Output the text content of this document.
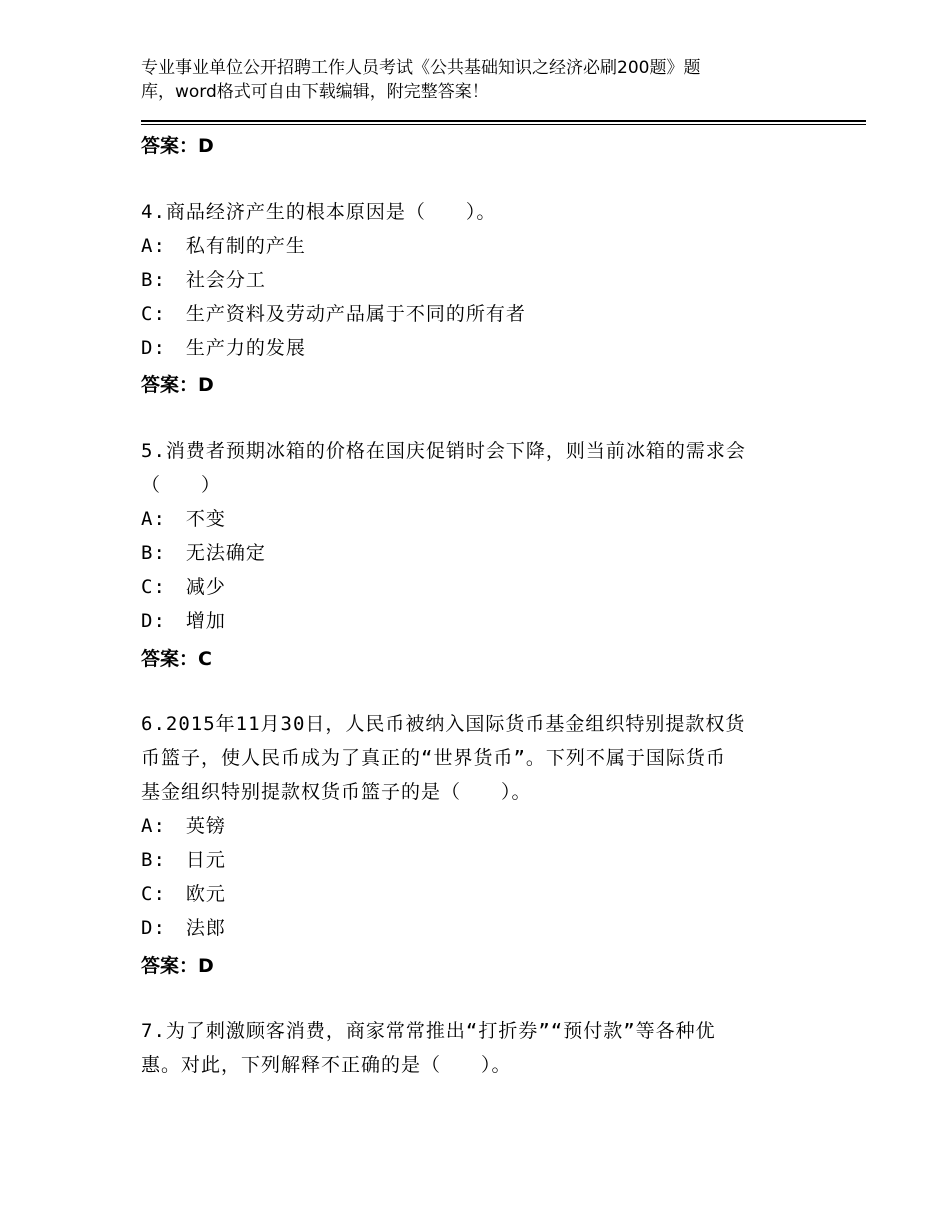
专业事业单位公开招聘工作人员考试《公共基础知识之经济必刷200题》题
库，word格式可自由下载编辑，附完整答案！
答案：D
4.商品经济产生的根本原因是（　　）。
A:　私有制的产生
B:　社会分工
C:　生产资料及劳动产品属于不同的所有者
D:　生产力的发展
答案：D
5.消费者预期冰箱的价格在国庆促销时会下降，则当前冰箱的需求会
（　　）
A:　不变
B:　无法确定
C:　减少
D:　增加
答案：C
6.2015年11月30日，人民币被纳入国际货币基金组织特别提款权货
币篮子，使人民币成为了真正的“世界货币”。下列不属于国际货币
基金组织特别提款权货币篮子的是（　　）。
A:　英镑
B:　日元
C:　欧元
D:　法郎
答案：D
7.为了刺激顾客消费，商家常常推出“打折券”“预付款”等各种优
惠。对此，下列解释不正确的是（　　）。
